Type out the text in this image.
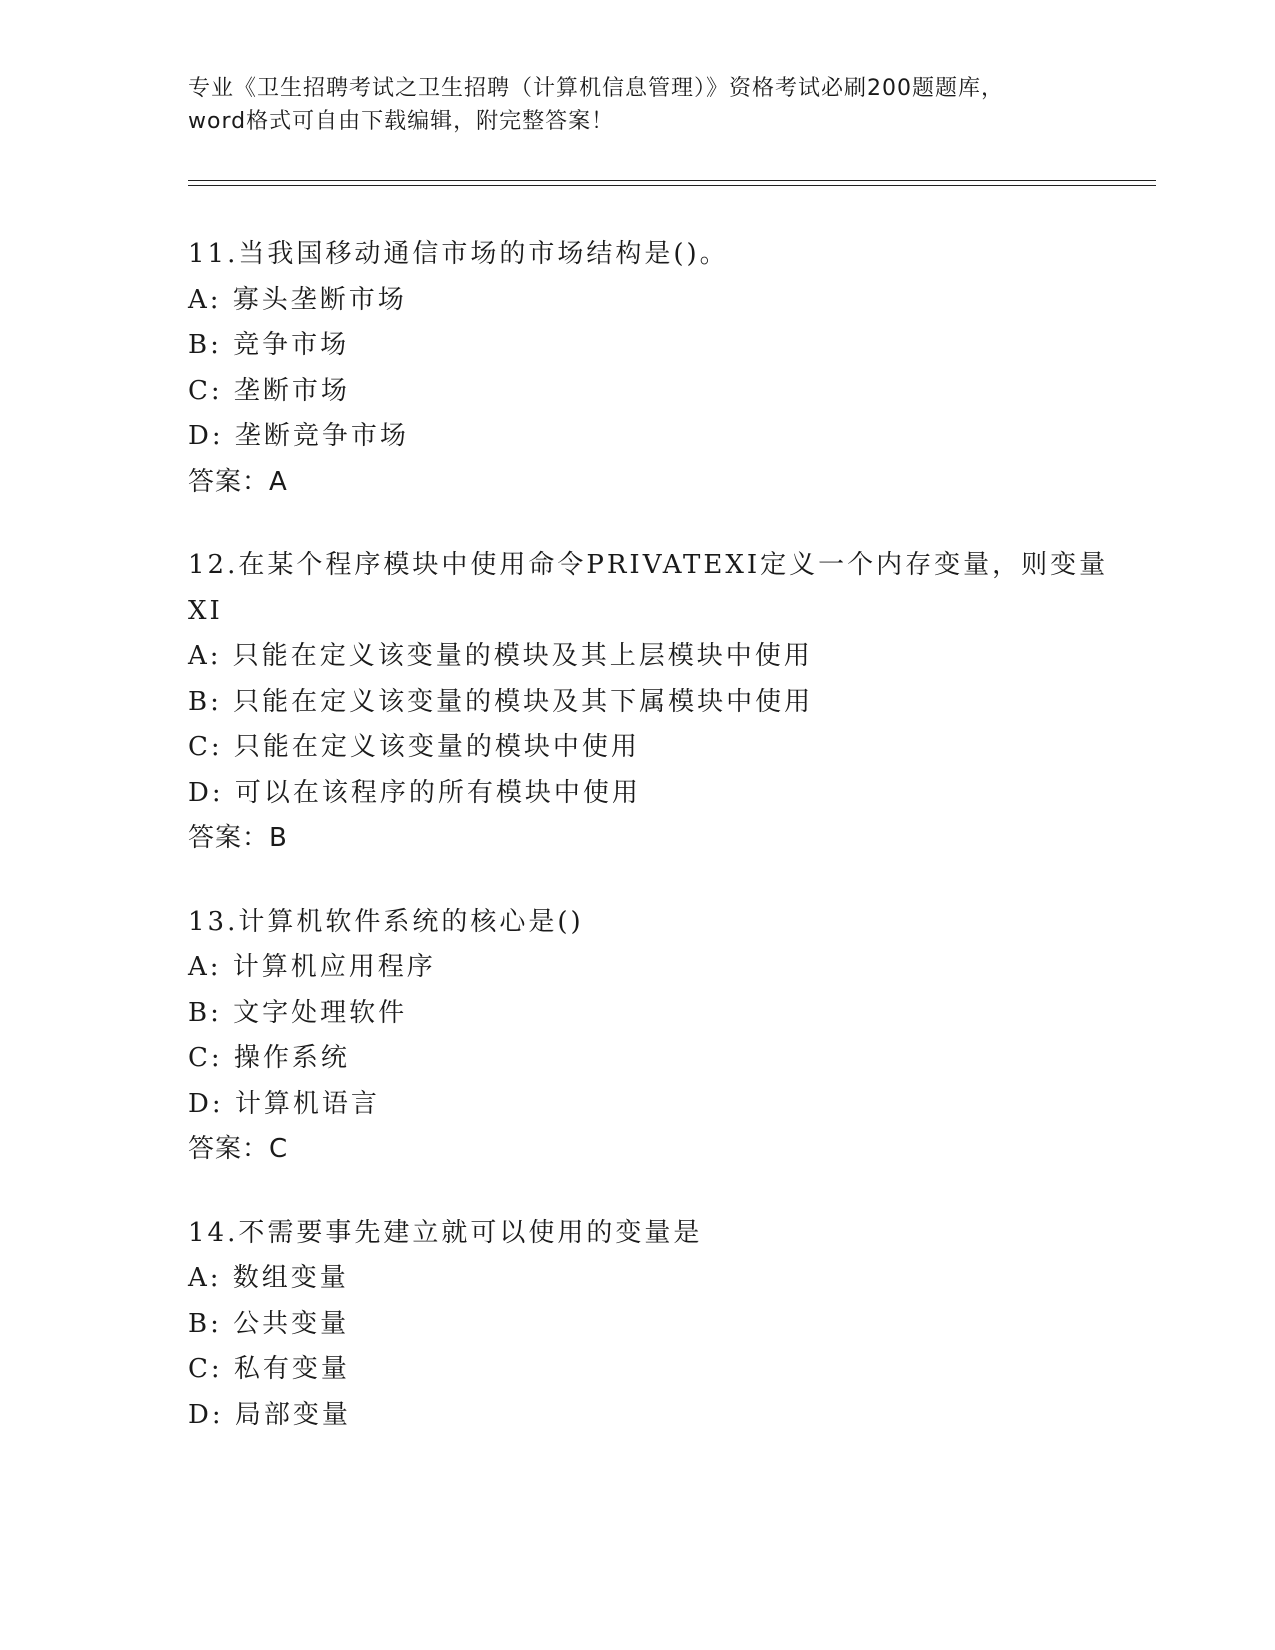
专业《卫生招聘考试之卫生招聘（计算机信息管理）》资格考试必刷200题题库，
word格式可自由下载编辑，附完整答案！
11.当我国移动通信市场的市场结构是()。
A: 寡头垄断市场
B: 竞争市场
C: 垄断市场
D: 垄断竞争市场
答案：A
12.在某个程序模块中使用命令PRIVATEXI定义一个内存变量，则变量
XI
A: 只能在定义该变量的模块及其上层模块中使用
B: 只能在定义该变量的模块及其下属模块中使用
C: 只能在定义该变量的模块中使用
D: 可以在该程序的所有模块中使用
答案：B
13.计算机软件系统的核心是()
A: 计算机应用程序
B: 文字处理软件
C: 操作系统
D: 计算机语言
答案：C
14.不需要事先建立就可以使用的变量是
A: 数组变量
B: 公共变量
C: 私有变量
D: 局部变量
